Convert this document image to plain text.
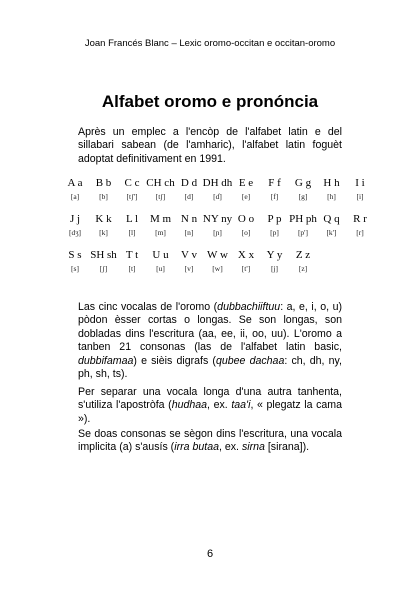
Joan Francés Blanc – Lexic oromo-occitan e occitan-oromo
Alfabet oromo e pronóncia
Après un emplec a l'encòp de l'alfabet latin e del sillabari sabean (de l'amharic), l'alfabet latin foguèt adoptat definitivament en 1991.
A a
[a]
B b
[b]
C c
[tʃ']
CH ch
[tʃ]
D d
[d]
DH dh
[ɗ]
E e
[e]
F f
[f]
G g
[g]
H h
[h]
I i
[i]
J j
[dʒ]
K k
[k]
L l
[l]
M m
[m]
N n
[n]
NY ny
[ɲ]
O o
[o]
P p
[p]
PH ph
[p']
Q q
[k']
R r
[r]
S s
[s]
SH sh
[ʃ]
T t
[t]
U u
[u]
V v
[v]
W w
[w]
X x
[t']
Y y
[j]
Z z
[z]
Las cinc vocalas de l'oromo (dubbachiiftuu: a, e, i, o, u) pòdon èsser cortas o longas. Se son longas, son dobladas dins l'escritura (aa, ee, ii, oo, uu). L'oromo a tanben 21 consonas (las de l'alfabet latin basic, dubbifamaa) e sièis digrafs (qubee dachaa: ch, dh, ny, ph, sh, ts).
Per separar una vocala longa d'una autra tanhenta, s'utiliza l'apostròfa (hudhaa, ex. taa'i, « plegatz la cama »).
Se doas consonas se sègon dins l'escritura, una vocala implicita (a) s'ausís (irra butaa, ex. sirna [sirana]).
6
